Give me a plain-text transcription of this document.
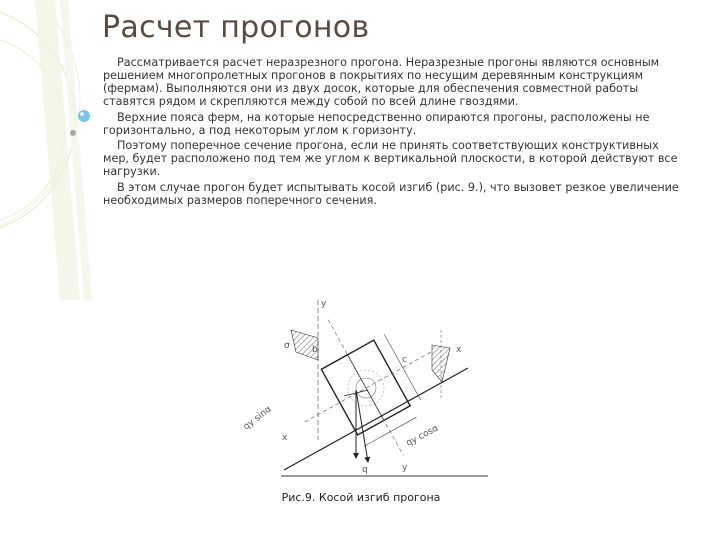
Расчет прогонов

Рассматривается расчет неразрезного прогона. Неразрезные прогоны являются основным решением многопролетных прогонов в покрытиях по несущим деревянным конструкциям (фермам). Выполняются они из двух досок, которые для обеспечения совместной работы ставятся рядом и скрепляются между собой по всей длине гвоздями.

Верхние пояса ферм, на которые непосредственно опираются прогоны, расположены не горизонтально, а под некоторым углом к горизонту.

Поэтому поперечное сечение прогона, если не принять соответствующих конструктивных мер, будет расположено под тем же углом к вертикальной плоскости, в которой действуют все нагрузки.

В этом случае прогон будет испытывать косой изгиб (рис. 9.), что вызовет резкое увеличение необходимых размеров поперечного сечения.

y
σ b
c
x
x
y
q
qy sinα
qy cosα
Рис.9. Косой изгиб прогона
